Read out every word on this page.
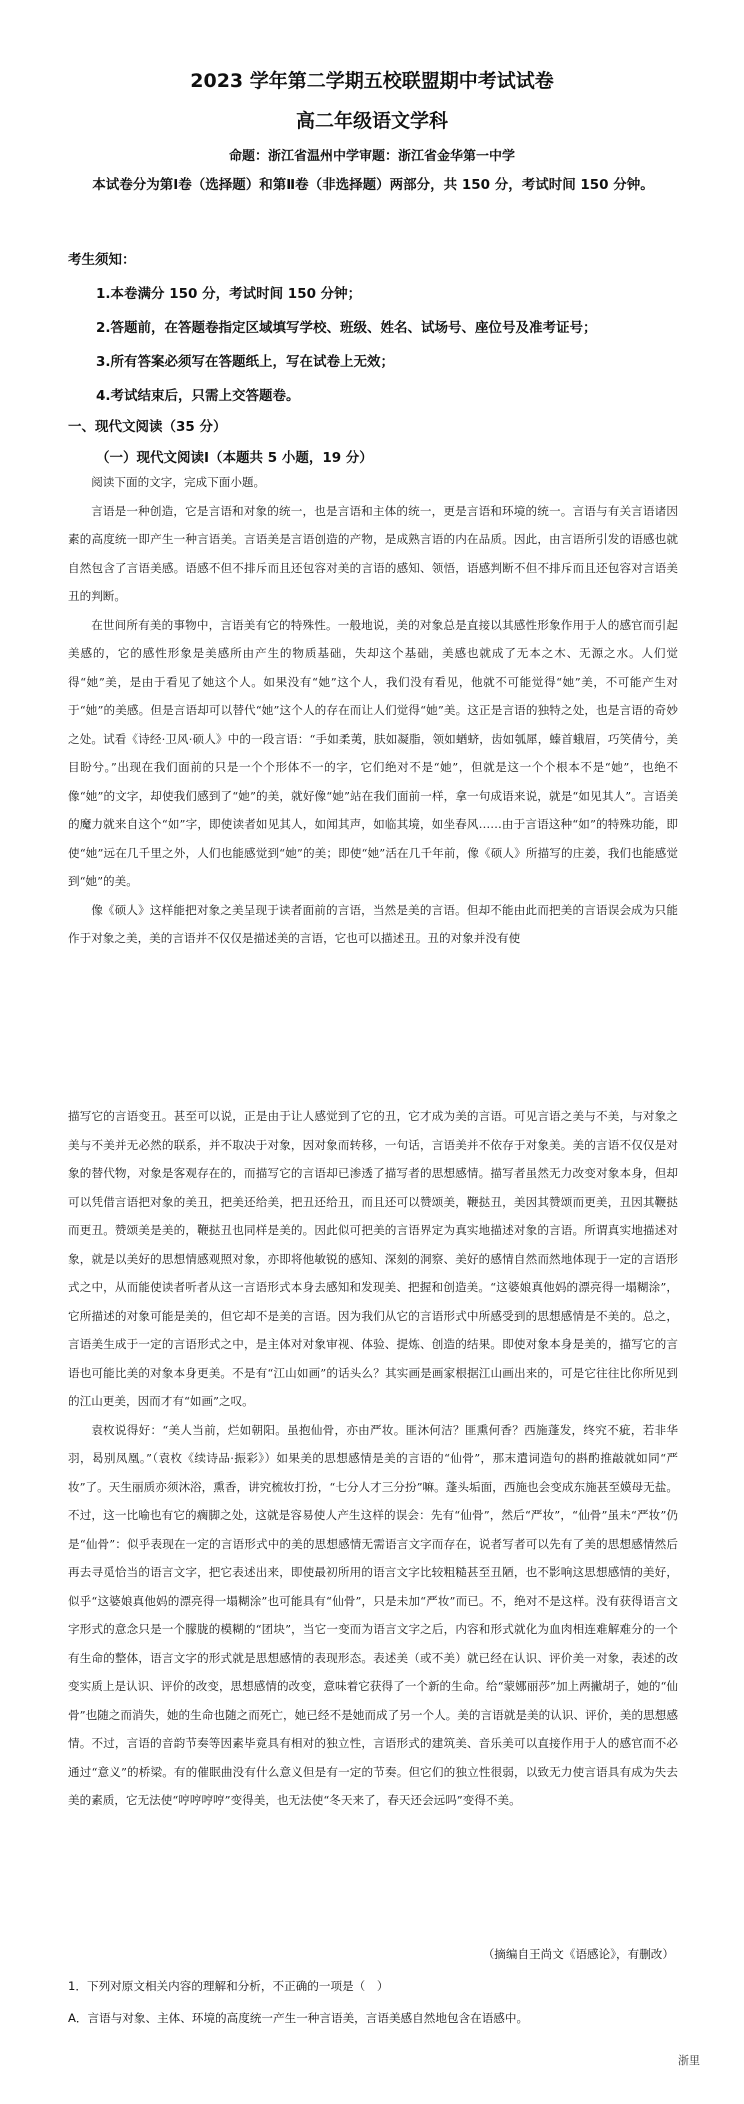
2023 学年第二学期五校联盟期中考试试卷
高二年级语文学科
命题：浙江省温州中学审题：浙江省金华第一中学
本试卷分为第Ⅰ卷（选择题）和第Ⅱ卷（非选择题）两部分，共 150 分，考试时间 150 分钟。
考生须知：
1.本卷满分 150 分，考试时间 150 分钟；
2.答题前，在答题卷指定区域填写学校、班级、姓名、试场号、座位号及准考证号；
3.所有答案必须写在答题纸上，写在试卷上无效；
4.考试结束后，只需上交答题卷。
一、现代文阅读（35 分）
（一）现代文阅读Ⅰ（本题共 5 小题，19 分）

阅读下面的文字，完成下面小题。

言语是一种创造，它是言语和对象的统一，也是言语和主体的统一，更是言语和环境的统一。言语与有关言语诸因素的高度统一即产生一种言语美。言语美是言语创造的产物，是成熟言语的内在品质。因此，由言语所引发的语感也就自然包含了言语美感。语感不但不排斥而且还包容对美的言语的感知、领悟，语感判断不但不排斥而且还包容对言语美丑的判断。

在世间所有美的事物中，言语美有它的特殊性。一般地说，美的对象总是直接以其感性形象作用于人的感官而引起美感的，它的感性形象是美感所由产生的物质基础，失却这个基础，美感也就成了无本之木、无源之水。人们觉得“她”美，是由于看见了她这个人。如果没有“她”这个人，我们没有看见，他就不可能觉得“她”美，不可能产生对于“她”的美感。但是言语却可以替代“她”这个人的存在而让人们觉得“她”美。这正是言语的独特之处，也是言语的奇妙之处。试看《诗经·卫风·硕人》中的一段言语：“手如柔荑，肤如凝脂，领如蝤蛴，齿如瓠犀，螓首蛾眉，巧笑倩兮，美目盼兮。”出现在我们面前的只是一个个形体不一的字，它们绝对不是“她”，但就是这一个个根本不是“她”，也绝不像“她”的文字，却使我们感到了“她”的美，就好像“她”站在我们面前一样，拿一句成语来说，就是“如见其人”。言语美的魔力就来自这个“如”字，即使读者如见其人，如闻其声，如临其境，如坐春风……由于言语这种“如”的特殊功能，即使“她”远在几千里之外，人们也能感觉到“她”的美；即使“她”活在几千年前，像《硕人》所描写的庄姜，我们也能感觉到“她”的美。

像《硕人》这样能把对象之美呈现于读者面前的言语，当然是美的言语。但却不能由此而把美的言语误会成为只能作于对象之美，美的言语并不仅仅是描述美的言语，它也可以描述丑。丑的对象并没有使

描写它的言语变丑。甚至可以说，正是由于让人感觉到了它的丑，它才成为美的言语。可见言语之美与不美，与对象之美与不美并无必然的联系，并不取决于对象，因对象而转移，一句话，言语美并不依存于对象美。美的言语不仅仅是对象的替代物，对象是客观存在的，而描写它的言语却已渗透了描写者的思想感情。描写者虽然无力改变对象本身，但却可以凭借言语把对象的美丑，把美还给美，把丑还给丑，而且还可以赞颂美，鞭挞丑，美因其赞颂而更美，丑因其鞭挞而更丑。赞颂美是美的，鞭挞丑也同样是美的。因此似可把美的言语界定为真实地描述对象的言语。所谓真实地描述对象，就是以美好的思想情感观照对象，亦即将他敏锐的感知、深刻的洞察、美好的感情自然而然地体现于一定的言语形式之中，从而能使读者听者从这一言语形式本身去感知和发现美、把握和创造美。“这婆娘真他妈的漂亮得一塌糊涂”，它所描述的对象可能是美的，但它却不是美的言语。因为我们从它的言语形式中所感受到的思想感情是不美的。总之，言语美生成于一定的言语形式之中，是主体对对象审视、体验、提炼、创造的结果。即使对象本身是美的，描写它的言语也可能比美的对象本身更美。不是有“江山如画”的话头么？其实画是画家根据江山画出来的，可是它往往比你所见到的江山更美，因而才有“如画”之叹。

袁枚说得好：“美人当前，烂如朝阳。虽抱仙骨，亦由严妆。匪沐何洁？匪熏何香？西施蓬发，终究不疵，若非华羽，曷别凤凰。”（袁枚《续诗品·振彩》）如果美的思想感情是美的言语的“仙骨”，那末遣词造句的斟酌推敲就如同“严妆”了。天生丽质亦须沐浴，熏香，讲究梳妆打扮，“七分人才三分扮”嘛。蓬头垢面，西施也会变成东施甚至嫫母无盐。不过，这一比喻也有它的瘸脚之处，这就是容易使人产生这样的误会：先有“仙骨”，然后“严妆”，“仙骨”虽未“严妆”仍是“仙骨”：似乎表现在一定的言语形式中的美的思想感情无需语言文字而存在，说者写者可以先有了美的思想感情然后再去寻觅恰当的语言文字，把它表述出来，即使最初所用的语言文字比较粗糙甚至丑陋，也不影响这思想感情的美好，似乎“这婆娘真他妈的漂亮得一塌糊涂”也可能具有“仙骨”，只是未加“严妆”而已。不，绝对不是这样。没有获得语言文字形式的意念只是一个朦胧的模糊的“团块”，当它一变而为语言文字之后，内容和形式就化为血肉相连难解难分的一个有生命的整体，语言文字的形式就是思想感情的表现形态。表述美（或不美）就已经在认识、评价美一对象，表述的改变实质上是认识、评价的改变，思想感情的改变，意味着它获得了一个新的生命。给“蒙娜丽莎”加上两撇胡子，她的“仙骨”也随之而消失，她的生命也随之而死亡，她已经不是她而成了另一个人。美的言语就是美的认识、评价，美的思想感情。不过，言语的音韵节奏等因素毕竟具有相对的独立性，言语形式的建筑美、音乐美可以直接作用于人的感官而不必通过“意义”的桥梁。有的催眠曲没有什么意义但是有一定的节奏。但它们的独立性很弱，以致无力使言语具有成为失去美的素质，它无法使“哼哼哼哼”变得美，也无法使“冬天来了，春天还会远吗”变得不美。

（摘编自王尚文《语感论》，有删改）
1．下列对原文相关内容的理解和分析，不正确的一项是（　）
A．言语与对象、主体、环境的高度统一产生一种言语美，言语美感自然地包含在语感中。
浙里
